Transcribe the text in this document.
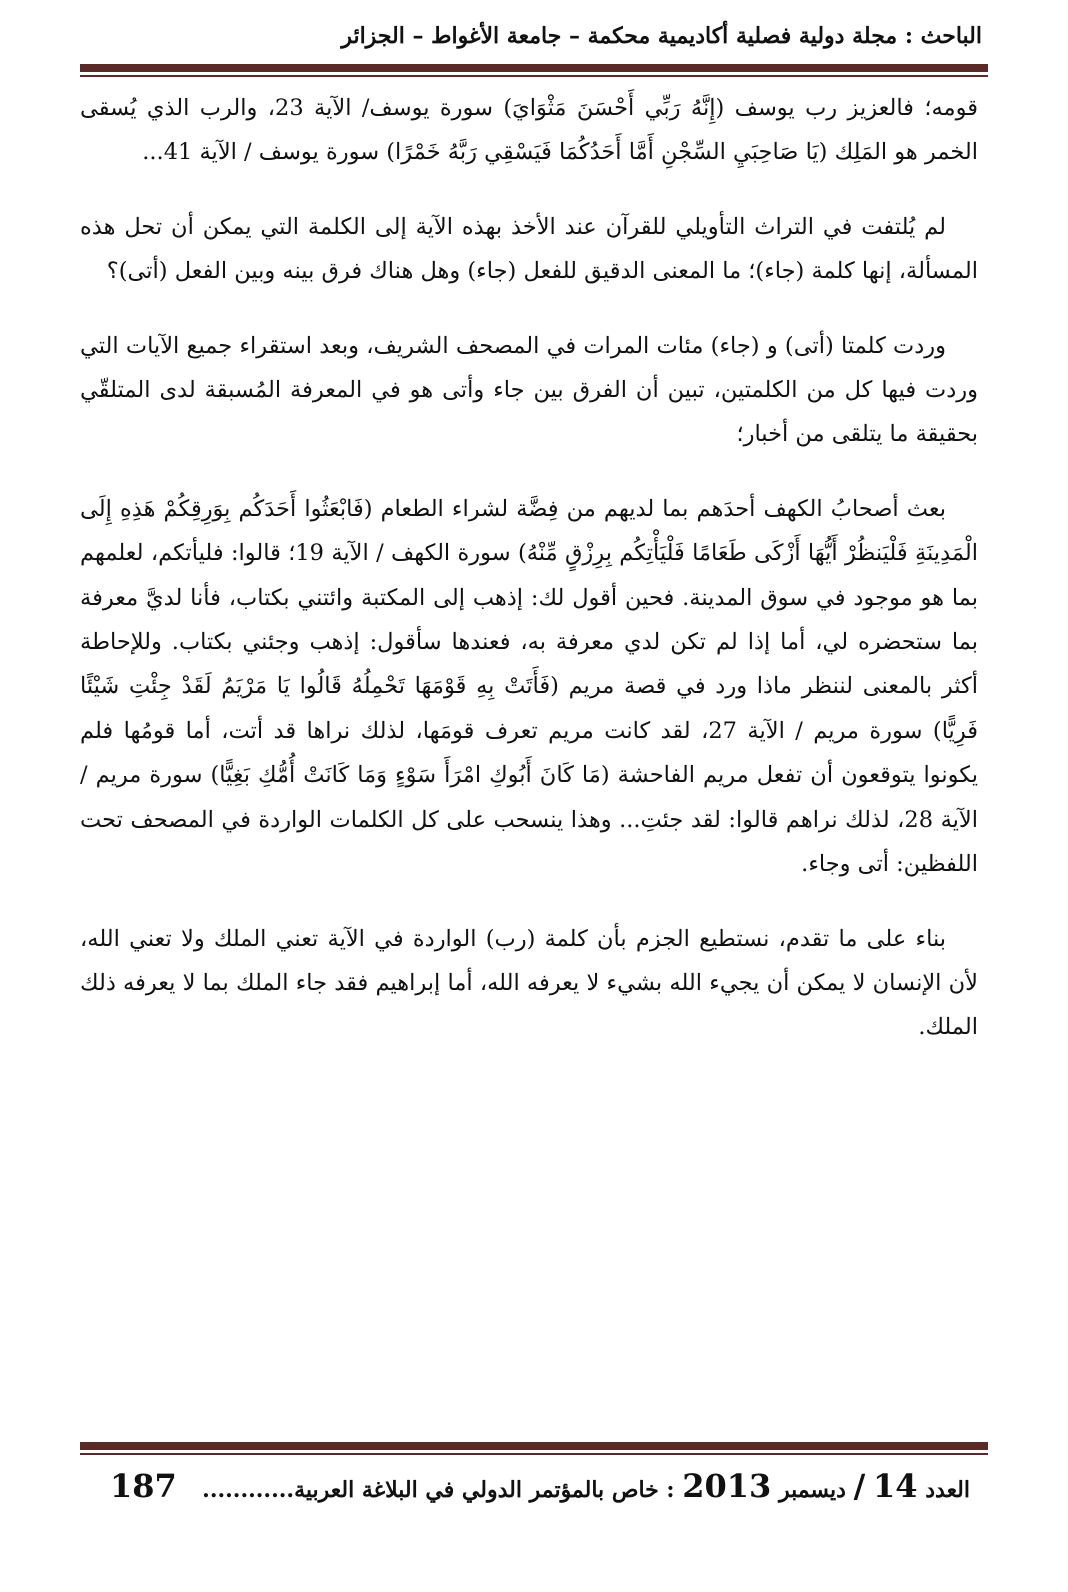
الباحث : مجلة دولية فصلية أكاديمية محكمة – جامعة الأغواط – الجزائر

قومه؛ فالعزيز رب يوسف (إِنَّهُ رَبِّي أَحْسَنَ مَثْوَايَ) سورة يوسف/ الآية 23، والرب الذي يُسقى الخمر هو المَلِك (يَا صَاحِبَيِ السِّجْنِ أَمَّا أَحَدُكُمَا فَيَسْقِي رَبَّهُ خَمْرًا) سورة يوسف / الآية 41...

لم يُلتفت في التراث التأويلي للقرآن عند الأخذ بهذه الآية إلى الكلمة التي يمكن أن تحل هذه المسألة، إنها كلمة (جاء)؛ ما المعنى الدقيق للفعل (جاء) وهل هناك فرق بينه وبين الفعل (أتى)؟

وردت كلمتا (أتى) و (جاء) مئات المرات في المصحف الشريف، وبعد استقراء جميع الآيات التي وردت فيها كل من الكلمتين، تبين أن الفرق بين جاء وأتى هو في المعرفة المُسبقة لدى المتلقّي بحقيقة ما يتلقى من أخبار؛

بعث أصحابُ الكهف أحدَهم بما لديهم من فِضَّة لشراء الطعام (فَابْعَثُوا أَحَدَكُم بِوَرِقِكُمْ هَذِهِ إِلَى الْمَدِينَةِ فَلْيَنظُرْ أَيُّهَا أَزْكَى طَعَامًا فَلْيَأْتِكُم بِرِزْقٍ مِّنْهُ) سورة الكهف / الآية 19؛ قالوا: فليأتكم، لعلمهم بما هو موجود في سوق المدينة. فحين أقول لك: إذهب إلى المكتبة وائتني بكتاب، فأنا لديَّ معرفة بما ستحضره لي، أما إذا لم تكن لدي معرفة به، فعندها سأقول: إذهب وجئني بكتاب. وللإحاطة أكثر بالمعنى لننظر ماذا ورد في قصة مريم (فَأَتَتْ بِهِ قَوْمَهَا تَحْمِلُهُ قَالُوا يَا مَرْيَمُ لَقَدْ جِئْتِ شَيْئًا فَرِيًّا) سورة مريم / الآية 27، لقد كانت مريم تعرف قومَها، لذلك نراها قد أتت، أما قومُها فلم يكونوا يتوقعون أن تفعل مريم الفاحشة (مَا كَانَ أَبُوكِ امْرَأَ سَوْءٍ وَمَا كَانَتْ أُمُّكِ بَغِيًّا) سورة مريم / الآية 28، لذلك نراهم قالوا: لقد جئتِ... وهذا ينسحب على كل الكلمات الواردة في المصحف تحت اللفظين: أتى وجاء.

بناء على ما تقدم، نستطيع الجزم بأن كلمة (رب) الواردة في الآية تعني الملك ولا تعني الله، لأن الإنسان لا يمكن أن يجيء الله بشيء لا يعرفه الله، أما إبراهيم فقد جاء الملك بما لا يعرفه ذلك الملك.

العدد 14 / ديسمبر 2013 : خاص بالمؤتمر الدولي في البلاغة العربية............
187
